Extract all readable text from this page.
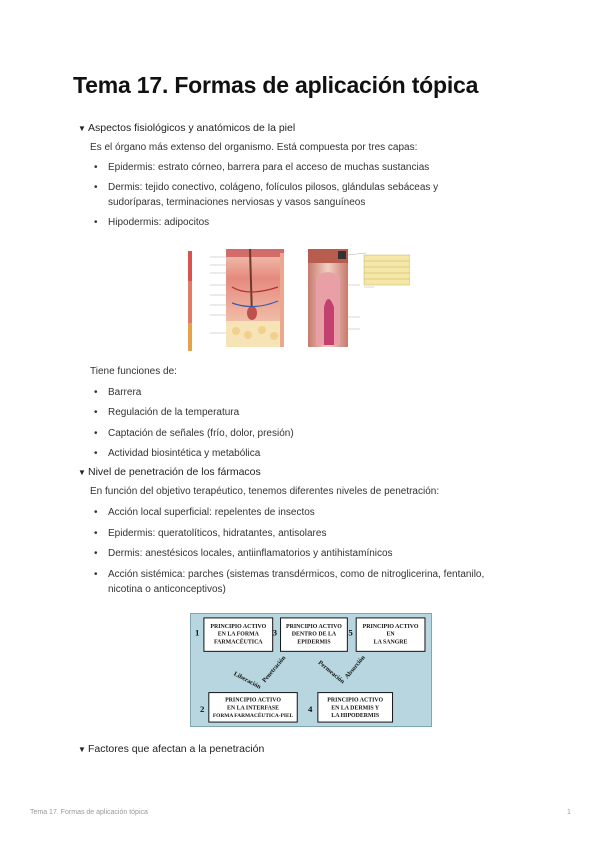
Tema 17. Formas de aplicación tópica
▼ Aspectos fisiológicos y anatómicos de la piel
Es el órgano más extenso del organismo. Está compuesta por tres capas:
• Epidermis: estrato córneo, barrera para el acceso de muchas sustancias
• Dermis: tejido conectivo, colágeno, folículos pilosos, glándulas sebáceas y sudoríparas, terminaciones nerviosas y vasos sanguíneos
• Hipodermis: adipocitos
Tiene funciones de:
• Barrera
• Regulación de la temperatura
• Captación de señales (frío, dolor, presión)
• Actividad biosintética y metabólica
▼ Nivel de penetración de los fármacos
En función del objetivo terapéutico, tenemos diferentes niveles de penetración:
• Acción local superficial: repelentes de insectos
• Epidermis: queratolíticos, hidratantes, antisolares
• Dermis: anestésicos locales, antiinflamatorios y antihistamínicos
• Acción sistémica: parches (sistemas transdérmicos, como de nitroglicerina, fentanilo, nicotina o anticonceptivos)
1
PRINCIPIO ACTIVO
EN LA FORMA
FARMACÉUTICA
3
PRINCIPIO ACTIVO
DENTRO DE LA
EPIDERMIS
5
PRINCIPIO ACTIVO
EN
LA SANGRE
Liberación
Penetración	Permeación
Absorción
2
PRINCIPIO ACTIVO
EN LA INTERFASE
FORMA FARMACÉUTICA-PIEL
4
PRINCIPIO ACTIVO
EN LA DERMIS Y
LA HIPODERMIS
▼ Factores que afectan a la penetración
Tema 17. Formas de aplicación tópica	1
